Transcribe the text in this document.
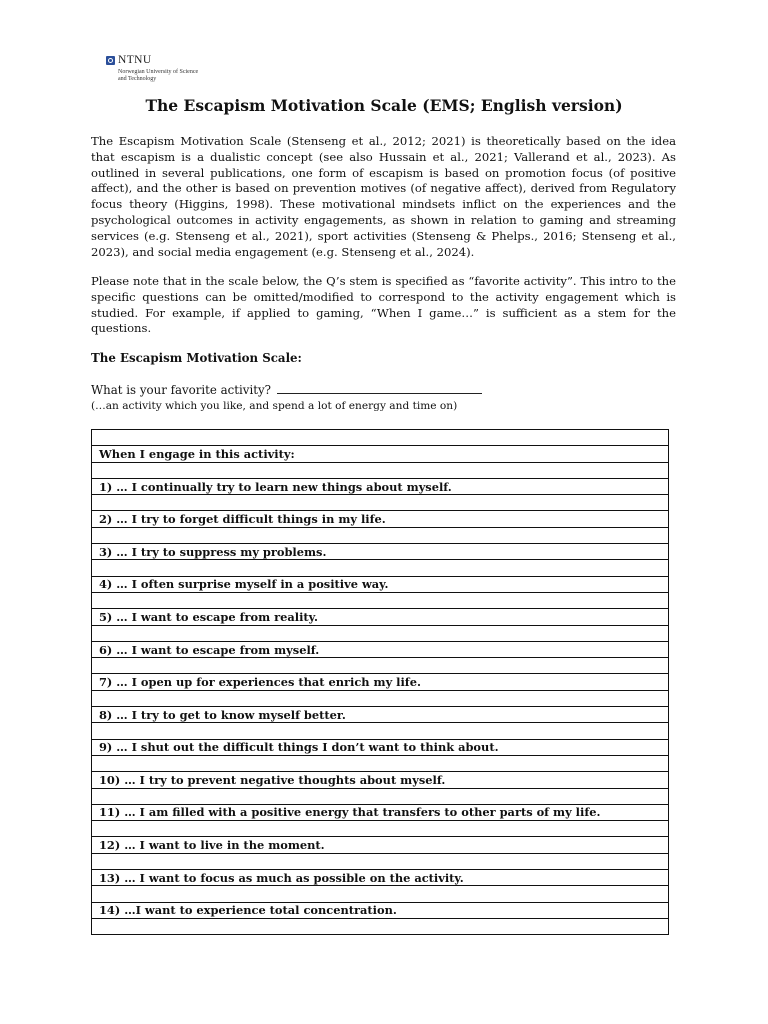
NTNU
Norwegian University of Science and Technology
The Escapism Motivation Scale (EMS; English version)

The Escapism Motivation Scale (Stenseng et al., 2012; 2021) is theoretically based on the idea that escapism is a dualistic concept (see also Hussain et al., 2021; Vallerand et al., 2023). As outlined in several publications, one form of escapism is based on promotion focus (of positive affect), and the other is based on prevention motives (of negative affect), derived from Regulatory focus theory (Higgins, 1998). These motivational mindsets inflict on the experiences and the psychological outcomes in activity engagements, as shown in relation to gaming and streaming services (e.g. Stenseng et al., 2021), sport activities (Stenseng & Phelps., 2016; Stenseng et al., 2023), and social media engagement (e.g. Stenseng et al., 2024).

Please note that in the scale below, the Q’s stem is specified as “favorite activity”. This intro to the specific questions can be omitted/modified to correspond to the activity engagement which is studied. For example, if applied to gaming, “When I game…” is sufficient as a stem for the questions.

The Escapism Motivation Scale:
What is your favorite activity?
(…an activity which you like, and spend a lot of energy and time on)

When I engage in this activity:

1) … I continually try to learn new things about myself.

2) … I try to forget difficult things in my life.

3) … I try to suppress my problems.

4) … I often surprise myself in a positive way.

5) … I want to escape from reality.

6) … I want to escape from myself.

7) … I open up for experiences that enrich my life.

8) … I try to get to know myself better.

9) … I shut out the difficult things I don’t want to think about.

10) … I try to prevent negative thoughts about myself.

11) … I am filled with a positive energy that transfers to other parts of my life.

12) … I want to live in the moment.

13) … I want to focus as much as possible on the activity.

14) …I want to experience total concentration.
